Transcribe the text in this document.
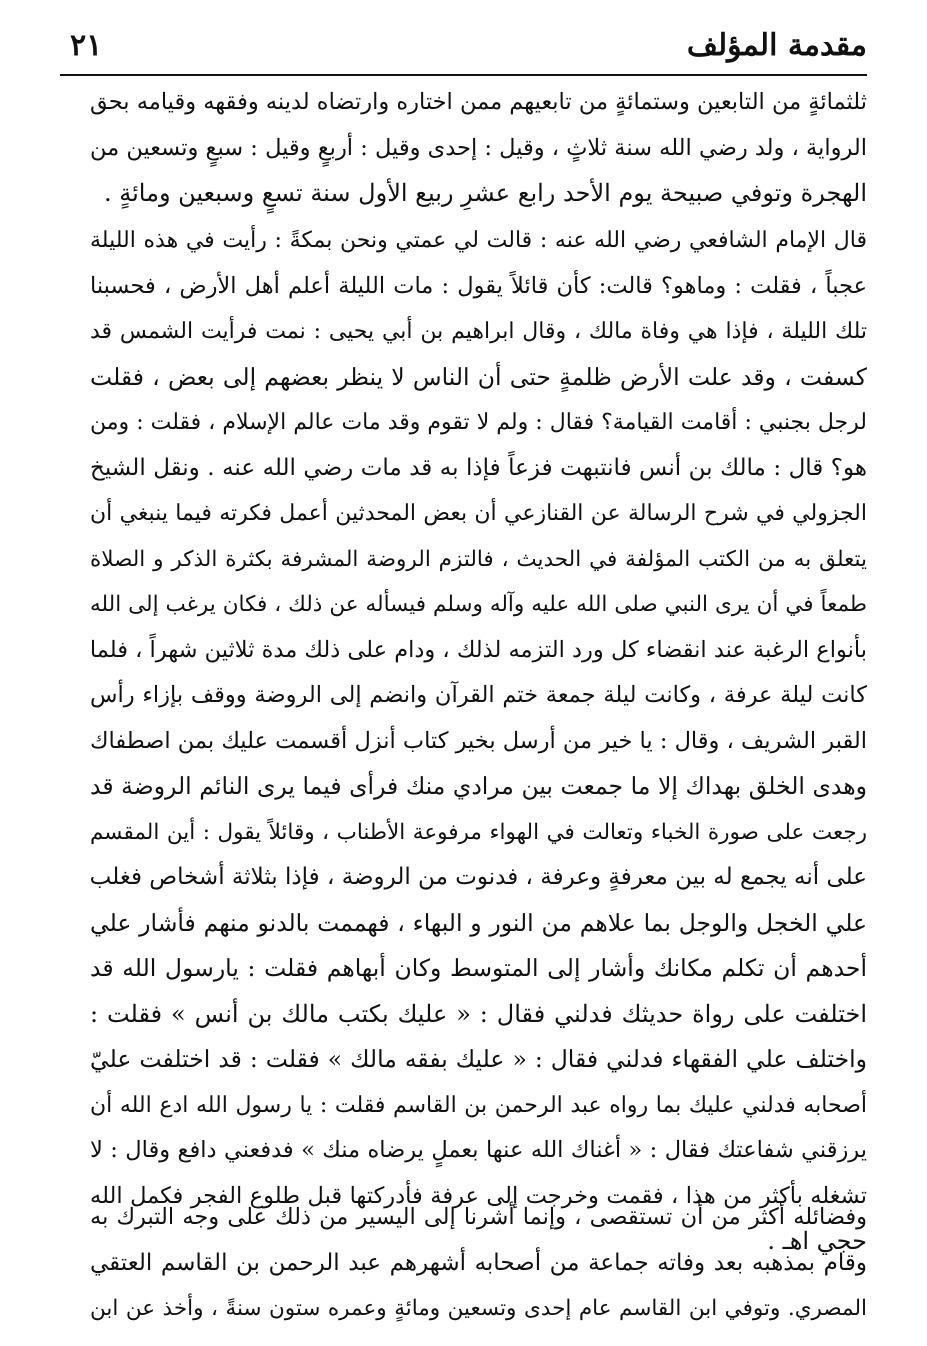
مقدمة المؤلف
٢١
ثلثمائةٍ من التابعين وستمائةٍ من تابعيهم ممن اختاره وارتضاه لدينه وفقهه وقيامه بحق
الرواية ، ولد رضي الله سنة ثلاثٍ ، وقيل : إحدى وقيل : أربعٍ وقيل : سبعٍ وتسعين من
الهجرة وتوفي صبيحة يوم الأحد رابع عشرِ ربيع الأول سنة تسعٍ وسبعين ومائةٍ .
قال الإمام الشافعي رضي الله عنه : قالت لي عمتي ونحن بمكةً : رأيت في هذه الليلة
عجباً ، فقلت : وماهو؟ قالت: كأن قائلاً يقول : مات الليلة أعلم أهل الأرض ، فحسبنا
تلك الليلة ، فإذا هي وفاة مالك ، وقال ابراهيم بن أبي يحيى : نمت فرأيت الشمس قد
كسفت ، وقد علت الأرض ظلمةٍ حتى أن الناس لا ينظر بعضهم إلى بعض ، فقلت
لرجل بجنبي : أقامت القيامة؟ فقال : ولم لا تقوم وقد مات عالم الإسلام ، فقلت : ومن
هو؟ قال : مالك بن أنس فانتبهت فزعاً فإذا به قد مات رضي الله عنه . ونقل الشيخ
الجزولي في شرح الرسالة عن القنازعي أن بعض المحدثين أعمل فكرته فيما ينبغي أن
يتعلق به من الكتب المؤلفة في الحديث ، فالتزم الروضة المشرفة بكثرة الذكر و الصلاة
طمعاً في أن يرى النبي صلى الله عليه وآله وسلم فيسأله عن ذلك ، فكان يرغب إلى الله
بأنواع الرغبة عند انقضاء كل ورد التزمه لذلك ، ودام على ذلك مدة ثلاثين شهراً ، فلما
كانت ليلة عرفة ، وكانت ليلة جمعة ختم القرآن وانضم إلى الروضة ووقف بإزاء رأس
القبر الشريف ، وقال : يا خير من أرسل بخير كتاب أنزل أقسمت عليك بمن اصطفاك
وهدى الخلق بهداك إلا ما جمعت بين مرادي منك فرأى فيما يرى النائم الروضة قد
رجعت على صورة الخباء وتعالت في الهواء مرفوعة الأطناب ، وقائلاً يقول : أين المقسم
على أنه يجمع له بين معرفةٍ وعرفة ، فدنوت من الروضة ، فإذا بثلاثة أشخاص فغلب
علي الخجل والوجل بما علاهم من النور و البهاء ، فهممت بالدنو منهم فأشار علي
أحدهم أن تكلم مكانك وأشار إلى المتوسط وكان أبهاهم فقلت : يارسول الله قد
اختلفت على رواة حديثك فدلني فقال : « عليك بكتب مالك بن أنس » فقلت :
واختلف علي الفقهاء فدلني فقال : « عليك بفقه مالك » فقلت : قد اختلفت عليّ
أصحابه فدلني عليك بما رواه عبد الرحمن بن القاسم فقلت : يا رسول الله ادع الله أن
يرزقني شفاعتك فقال : « أغناك الله عنها بعملٍ يرضاه منك » فدفعني دافع وقال : لا
تشغله بأكثر من هذا ، فقمت وخرجت إلى عرفة فأدركتها قبل طلوع الفجر فكمل الله
حجي اهـ .
وفضائله أكثر من أن تستقصى ، وإنما أشرنا إلى اليسير من ذلك على وجه التبرك به
وقام بمذهبه بعد وفاته جماعة من أصحابه أشهرهم عبد الرحمن بن القاسم العتقي
المصري. وتوفي ابن القاسم عام إحدى وتسعين ومائةٍ وعمره ستون سنةً ، وأخذ عن ابن
